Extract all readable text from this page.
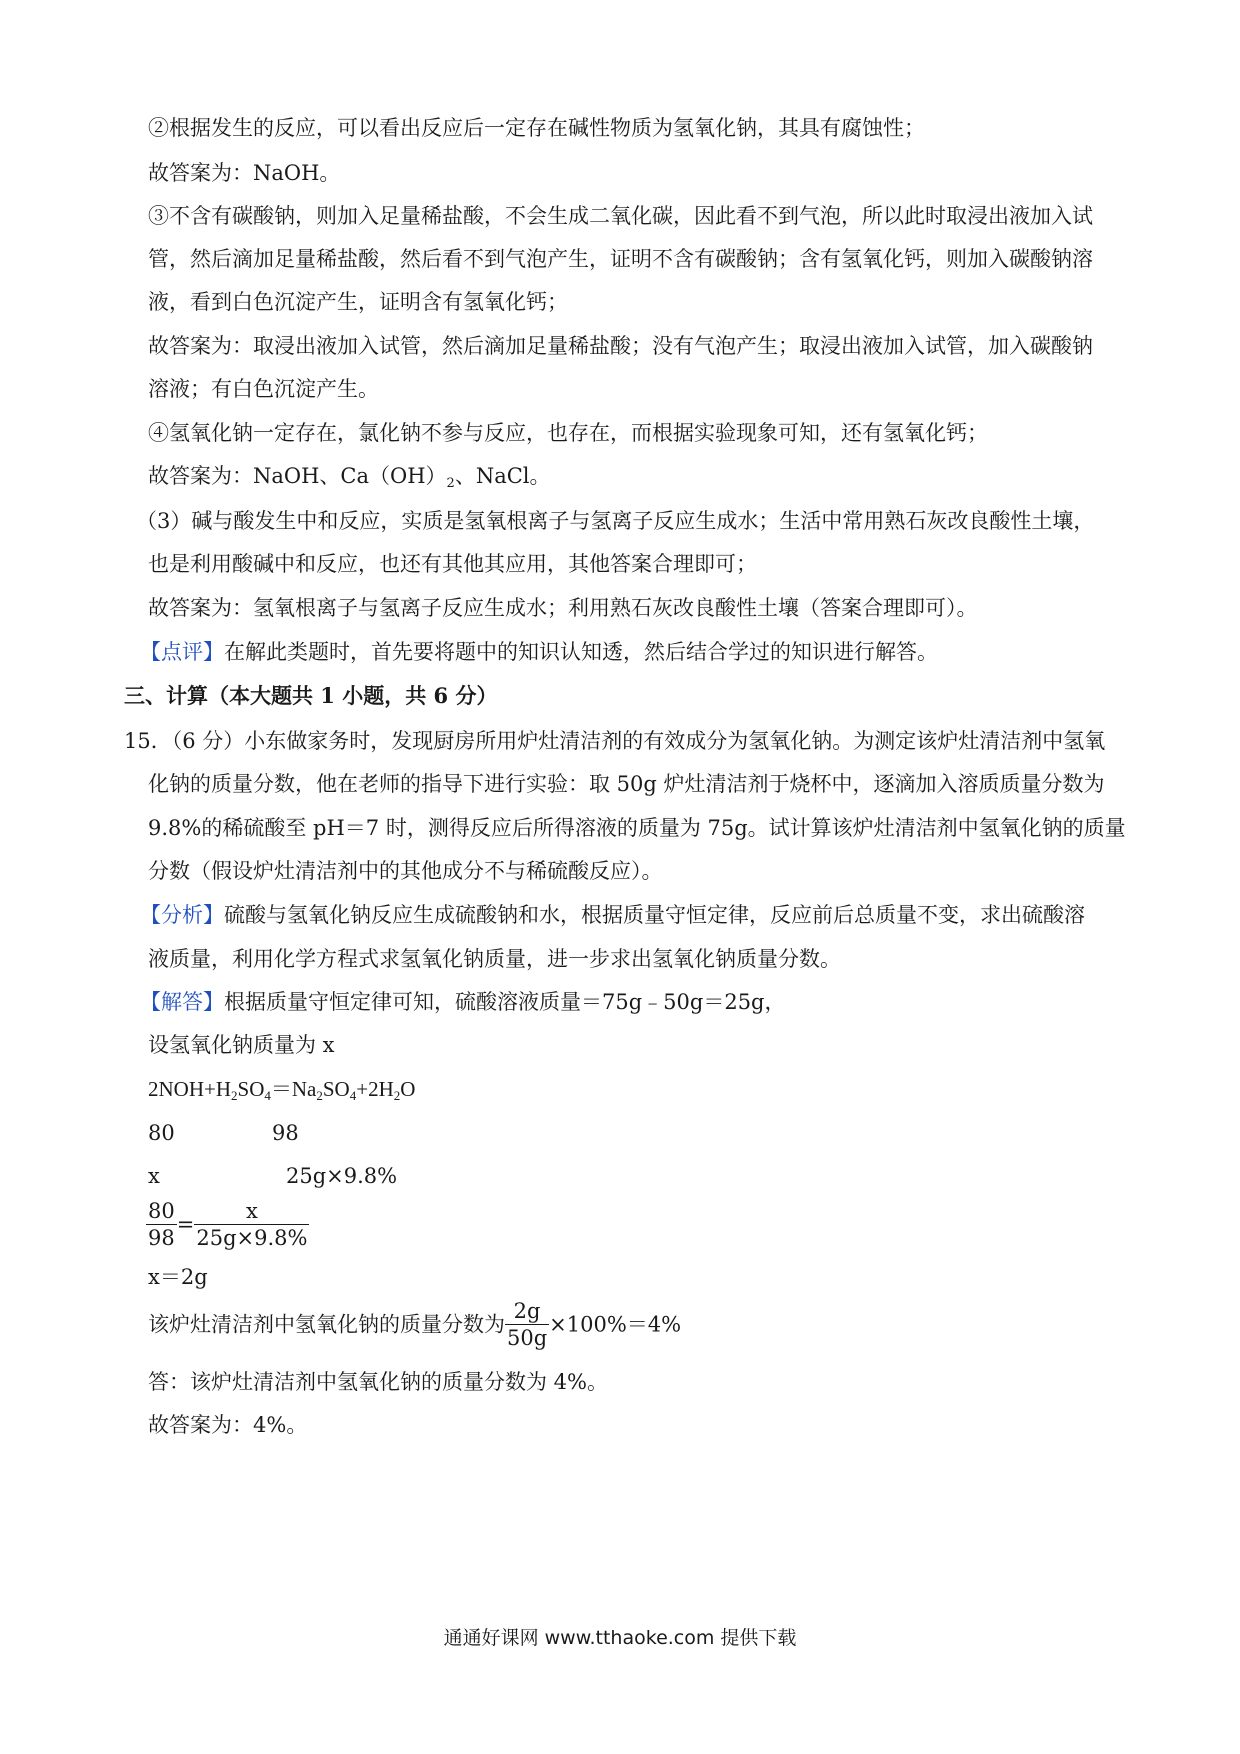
②根据发生的反应，可以看出反应后一定存在碱性物质为氢氧化钠，其具有腐蚀性；
故答案为：NaOH。
③不含有碳酸钠，则加入足量稀盐酸，不会生成二氧化碳，因此看不到气泡，所以此时取浸出液加入试
管，然后滴加足量稀盐酸，然后看不到气泡产生，证明不含有碳酸钠；含有氢氧化钙，则加入碳酸钠溶
液，看到白色沉淀产生，证明含有氢氧化钙；
故答案为：取浸出液加入试管，然后滴加足量稀盐酸；没有气泡产生；取浸出液加入试管，加入碳酸钠
溶液；有白色沉淀产生。
④氢氧化钠一定存在，氯化钠不参与反应，也存在，而根据实验现象可知，还有氢氧化钙；
故答案为：NaOH、$Ca(OH)_2$、NaCl。
（3）碱与酸发生中和反应，实质是氢氧根离子与氢离子反应生成水；生活中常用熟石灰改良酸性土壤，
也是利用酸碱中和反应，也还有其他其应用，其他答案合理即可；
故答案为：氢氧根离子与氢离子反应生成水；利用熟石灰改良酸性土壤（答案合理即可）。
【点评】在解此类题时，首先要将题中的知识认知透，然后结合学过的知识进行解答。
三、计算（本大题共 1 小题，共 6 分）
15．（6 分）小东做家务时，发现厨房所用炉灶清洁剂的有效成分为氢氧化钠。为测定该炉灶清洁剂中氢氧
化钠的质量分数，他在老师的指导下进行实验：取 50g 炉灶清洁剂于烧杯中，逐滴加入溶质质量分数为
9.8%的稀硫酸至 pH＝7 时，测得反应后所得溶液的质量为 75g。试计算该炉灶清洁剂中氢氧化钠的质量
分数（假设炉灶清洁剂中的其他成分不与稀硫酸反应）。
【分析】硫酸与氢氧化钠反应生成硫酸钠和水，根据质量守恒定律，反应前后总质量不变，求出硫酸溶
液质量，利用化学方程式求氢氧化钠质量，进一步求出氢氧化钠质量分数。
【解答】根据质量守恒定律可知，硫酸溶液质量＝75g﹣50g＝25g，
设氢氧化钠质量为 x
$2NOH+H_2SO_4=Na_2SO_4+2H_2O$
80	98
x	25g×9.8%
$\frac{80}{98} = \frac{x}{25g\times 9.8\%}$
x＝2g
该炉灶清洁剂中氢氧化钠的质量分数为 $\frac{2g}{50g} \times 100\%=4\%$
答：该炉灶清洁剂中氢氧化钠的质量分数为 4%。
故答案为：4%。
通通好课网 www.tthaoke.com 提供下载
